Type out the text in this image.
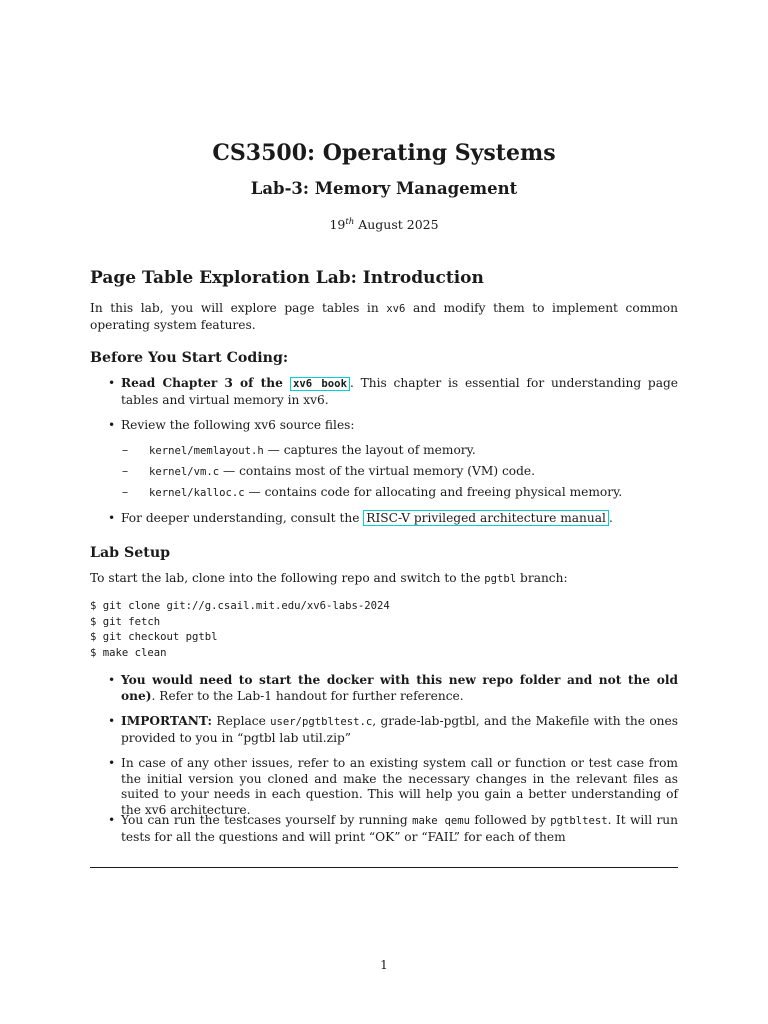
CS3500: Operating Systems
Lab-3: Memory Management
19th August 2025
Page Table Exploration Lab: Introduction
In this lab, you will explore page tables in xv6 and modify them to implement common operating system features.
Before You Start Coding:
• Read Chapter 3 of the xv6 book . This chapter is essential for understanding page tables and virtual memory in xv6.
• Review the following xv6 source files:
– kernel/memlayout.h — captures the layout of memory.
– kernel/vm.c — contains most of the virtual memory (VM) code.
– kernel/kalloc.c — contains code for allocating and freeing physical memory.
• For deeper understanding, consult the RISC-V privileged architecture manual .
Lab Setup
To start the lab, clone into the following repo and switch to the pgtbl branch:
$ git clone git://g.csail.mit.edu/xv6-labs-2024
$ git fetch
$ git checkout pgtbl
$ make clean
• You would need to start the docker with this new repo folder and not the old one). Refer to the Lab-1 handout for further reference.
• IMPORTANT: Replace user/pgtbltest.c, grade-lab-pgtbl, and the Makefile with the ones provided to you in “pgtbl lab util.zip”
• In case of any other issues, refer to an existing system call or function or test case from the initial version you cloned and make the necessary changes in the relevant files as suited to your needs in each question. This will help you gain a better understanding of the xv6 architecture.
• You can run the testcases yourself by running make qemu followed by pgtbltest. It will run tests for all the questions and will print “OK” or “FAIL” for each of them
1
